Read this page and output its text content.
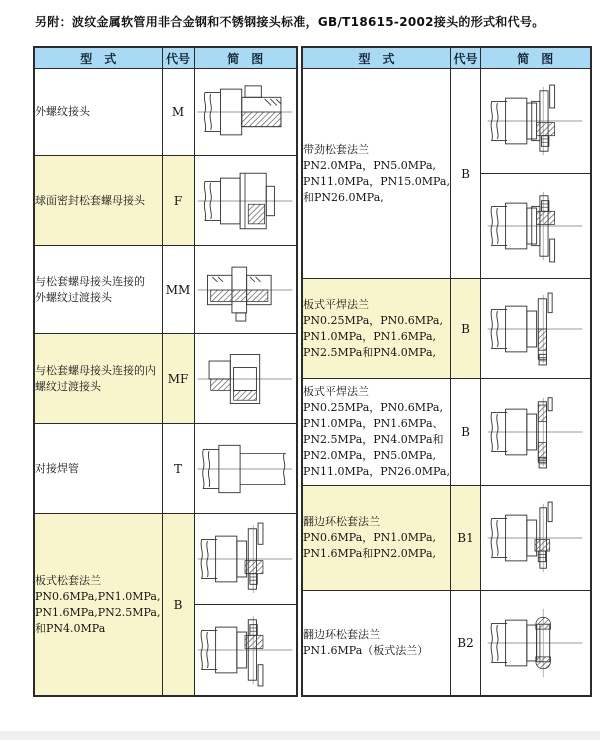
另附：波纹金属软管用非合金钢和不锈钢接头标准，GB/T18615-2002接头的形式和代号。
型　式	代号	简　图

外螺纹接头	M	

球面密封松套螺母接头	F	

与松套螺母接头连接的
外螺纹过渡接头	MM	

与松套螺母接头连接的内
螺纹过渡接头	MF	

对接焊管	T	

板式松套法兰
PN0.6MPa,PN1.0MPa,
PN1.6MPa,PN2.5MPa,
和PN4.0MPa	B	
型　式	代号	简　图

带劲松套法兰
PN2.0MPa，PN5.0MPa,
PN11.0MPa，PN15.0MPa,
和PN26.0MPa,	B	

板式平焊法兰
PN0.25MPa，PN0.6MPa,
PN1.0MPa，PN1.6MPa,
PN2.5MPa和PN4.0MPa,	B	

板式平焊法兰
PN0.25MPa，PN0.6MPa,
PN1.0MPa，PN1.6MPa、
PN2.5MPa，PN4.0MPa和
PN2.0MPa，PN5.0MPa,
PN11.0MPa，PN26.0MPa,
	B	

翻边环松套法兰
PN0.6MPa，PN1.0MPa,
PN1.6MPa和PN2.0MPa,	B1	

翻边环松套法兰
PN1.6MPa（板式法兰）	B2	
